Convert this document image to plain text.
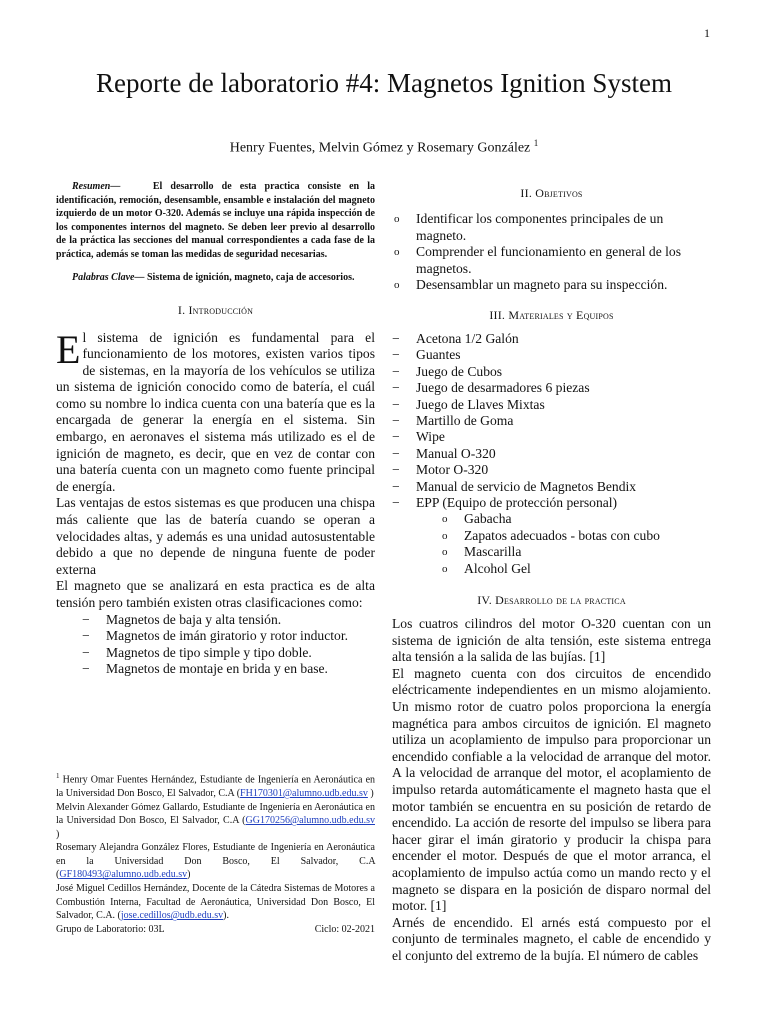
1
Reporte de laboratorio #4: Magnetos Ignition System
Henry Fuentes, Melvin Gómez y Rosemary González $^1$

Resumen—	El desarrollo de esta practica consiste en la identificación, remoción, desensamble, ensamble e instalación del magneto izquierdo de un motor O-320. Además se incluye una rápida inspección de los componentes internos del magneto. Se deben leer previo al desarrollo de la práctica las secciones del manual correspondientes a cada fase de la práctica, además se toman las medidas de seguridad necesarias.

Palabras Clave— Sistema de ignición, magneto, caja de accesorios.

I. Introducción

El sistema de ignición es fundamental para el funcionamiento de los motores, existen varios tipos de sistemas, en la mayoría de los vehículos se utiliza un sistema de ignición conocido como de batería, el cuál como su nombre lo indica cuenta con una batería que es la encargada de generar la energía en el sistema. Sin embargo, en aeronaves el sistema más utilizado es el de ignición de magneto, es decir, que en vez de contar con una batería cuenta con un magneto como fuente principal de energía.

Las ventajas de estos sistemas es que producen una chispa más caliente que las de batería cuando se operan a velocidades altas, y además es una unidad autosustentable debido a que no depende de ninguna fuente de poder externa

El magneto que se analizará en esta practica es de alta tensión pero también existen otras clasificaciones como:

− Magnetos de baja y alta tensión.
− Magnetos de imán giratorio y rotor inductor.
− Magnetos de tipo simple y tipo doble.
− Magnetos de montaje en brida y en base.
II. Objetivos
o Identificar los componentes principales de un magneto.
o Comprender el funcionamiento en general de los magnetos.
o Desensamblar un magneto para su inspección.
III. Materiales y Equipos
− Acetona 1/2 Galón
− Guantes
− Juego de Cubos
− Juego de desarmadores 6 piezas
− Juego de Llaves Mixtas
− Martillo de Goma
− Wipe
− Manual O-320
− Motor O-320
− Manual de servicio de Magnetos Bendix
− EPP (Equipo de protección personal)
o Gabacha
o Zapatos adecuados - botas con cubo
o Mascarilla
o Alcohol Gel
IV. Desarrollo de la practica

Los cuatros cilindros del motor O-320 cuentan con un sistema de ignición de alta tensión, este sistema entrega alta tensión a la salida de las bujías. [1]

El magneto cuenta con dos circuitos de encendido eléctricamente independientes en un mismo alojamiento. Un mismo rotor de cuatro polos proporciona la energía magnética para ambos circuitos de ignición. El magneto utiliza un acoplamiento de impulso para proporcionar un encendido confiable a la velocidad de arranque del motor. A la velocidad de arranque del motor, el acoplamiento de impulso retarda automáticamente el magneto hasta que el motor también se encuentra en su posición de retardo de encendido. La acción de resorte del impulso se libera para hacer girar el imán giratorio y producir la chispa para encender el motor. Después de que el motor arranca, el acoplamiento de impulso actúa como un mando recto y el magneto se dispara en la posición de disparo normal del motor. [1]

Arnés de encendido. El arnés está compuesto por el conjunto de terminales magneto, el cable de encendido y el conjunto del extremo de la bujía. El número de cables

$^1$ Henry Omar Fuentes Hernández, Estudiante de Ingeniería en Aeronáutica en la Universidad Don Bosco, El Salvador, C.A (FH170301@alumno.udb.edu.sv )

Melvin Alexander Gómez Gallardo, Estudiante de Ingeniería en Aeronáutica en la Universidad Don Bosco, El Salvador, C.A (GG170256@alumno.udb.edu.sv )

Rosemary Alejandra González Flores, Estudiante de Ingeniería en Aeronáutica en la Universidad Don Bosco, El Salvador, C.A (GF180493@alumno.udb.edu.sv)

José Miguel Cedillos Hernández, Docente de la Cátedra Sistemas de Motores a Combustión Interna, Facultad de Aeronáutica, Universidad Don Bosco, El Salvador, C.A. (jose.cedillos@udb.edu.sv).

Grupo de Laboratorio: 03L	Ciclo: 02-2021
